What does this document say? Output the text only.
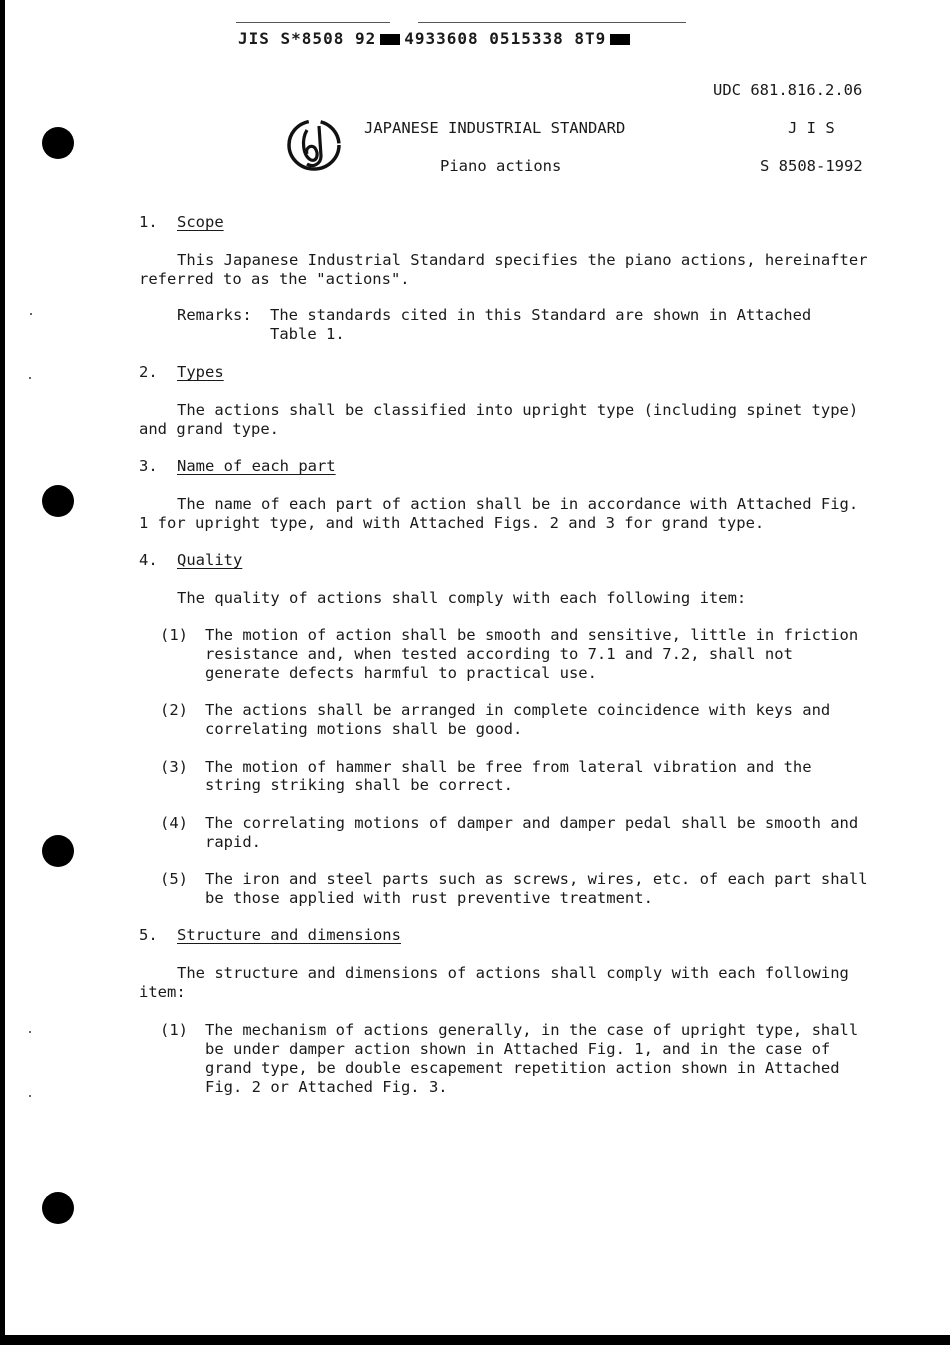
JIS S*8508 92 4933608 0515338 8T9
UDC 681.816.2.06
JAPANESE INDUSTRIAL STANDARD
Piano actions
J I S
S 8508-1992
1. Scope
This Japanese Industrial Standard specifies the piano actions, hereinafter
referred to as the "actions".
Remarks: The standards cited in this Standard are shown in Attached
Table 1.
2. Types
The actions shall be classified into upright type (including spinet type)
and grand type.
3. Name of each part
The name of each part of action shall be in accordance with Attached Fig.
1 for upright type, and with Attached Figs. 2 and 3 for grand type.
4. Quality
The quality of actions shall comply with each following item:
(1) The motion of action shall be smooth and sensitive, little in friction
resistance and, when tested according to 7.1 and 7.2, shall not
generate defects harmful to practical use.
(2) The actions shall be arranged in complete coincidence with keys and
correlating motions shall be good.
(3) The motion of hammer shall be free from lateral vibration and the
string striking shall be correct.
(4) The correlating motions of damper and damper pedal shall be smooth and
rapid.
(5) The iron and steel parts such as screws, wires, etc. of each part shall
be those applied with rust preventive treatment.
5. Structure and dimensions
The structure and dimensions of actions shall comply with each following
item:
(1) The mechanism of actions generally, in the case of upright type, shall
be under damper action shown in Attached Fig. 1, and in the case of
grand type, be double escapement repetition action shown in Attached
Fig. 2 or Attached Fig. 3.
